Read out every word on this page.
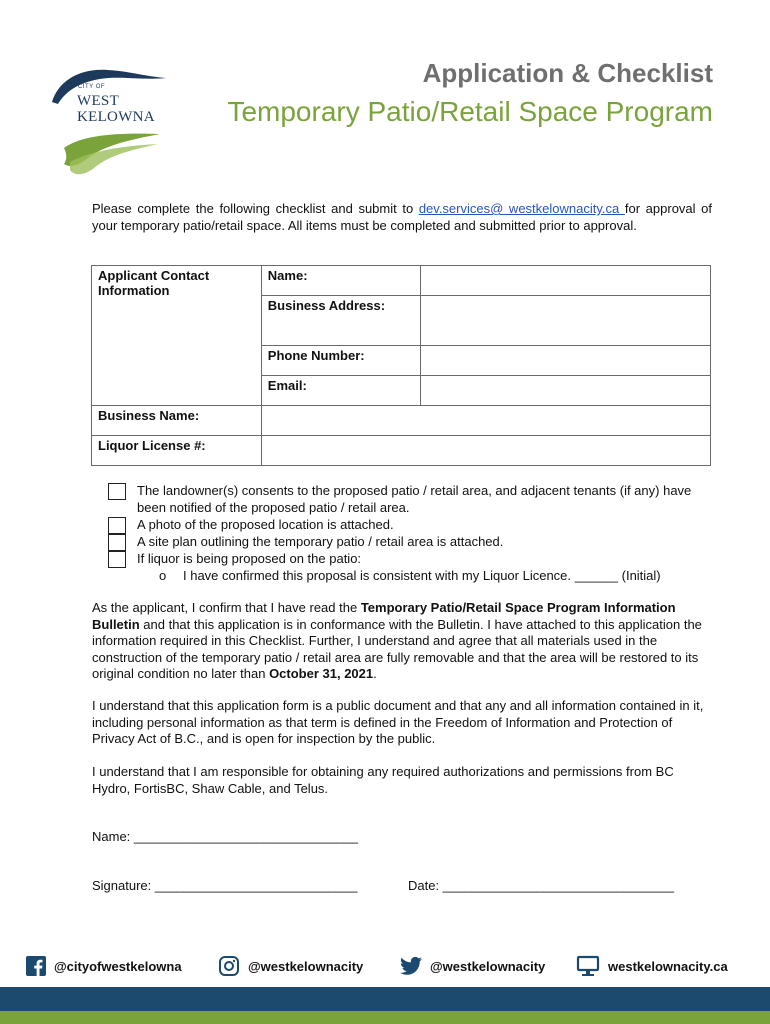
CITY OF
WEST
KELOWNA
Application & Checklist
Temporary Patio/Retail Space Program
Please complete the following checklist and submit to dev.services@ westkelownacity.ca for approval of your temporary patio/retail space. All items must be completed and submitted prior to approval.
Applicant Contact Information	Name:	
	Business Address:	
	Phone Number:	
	Email:	
Business Name:		
Liquor License #:		
The landowner(s) consents to the proposed patio / retail area, and adjacent tenants (if any) have been notified of the proposed patio / retail area.
A photo of the proposed location is attached.
A site plan outlining the temporary patio / retail area is attached.
If liquor is being proposed on the patio:
o I have confirmed this proposal is consistent with my Liquor Licence. ______ (Initial)
As the applicant, I confirm that I have read the Temporary Patio/Retail Space Program Information Bulletin and that this application is in conformance with the Bulletin. I have attached to this application the information required in this Checklist. Further, I understand and agree that all materials used in the construction of the temporary patio / retail area are fully removable and that the area will be restored to its original condition no later than October 31, 2021.
I understand that this application form is a public document and that any and all information contained in it, including personal information as that term is defined in the Freedom of Information and Protection of Privacy Act of B.C., and is open for inspection by the public.
I understand that I am responsible for obtaining any required authorizations and permissions from BC Hydro, FortisBC, Shaw Cable, and Telus.
Name: _______________________________
Signature: ____________________________	Date: ________________________________
@cityofwestkelowna	@westkelownacity	@westkelownacity	westkelownacity.ca
